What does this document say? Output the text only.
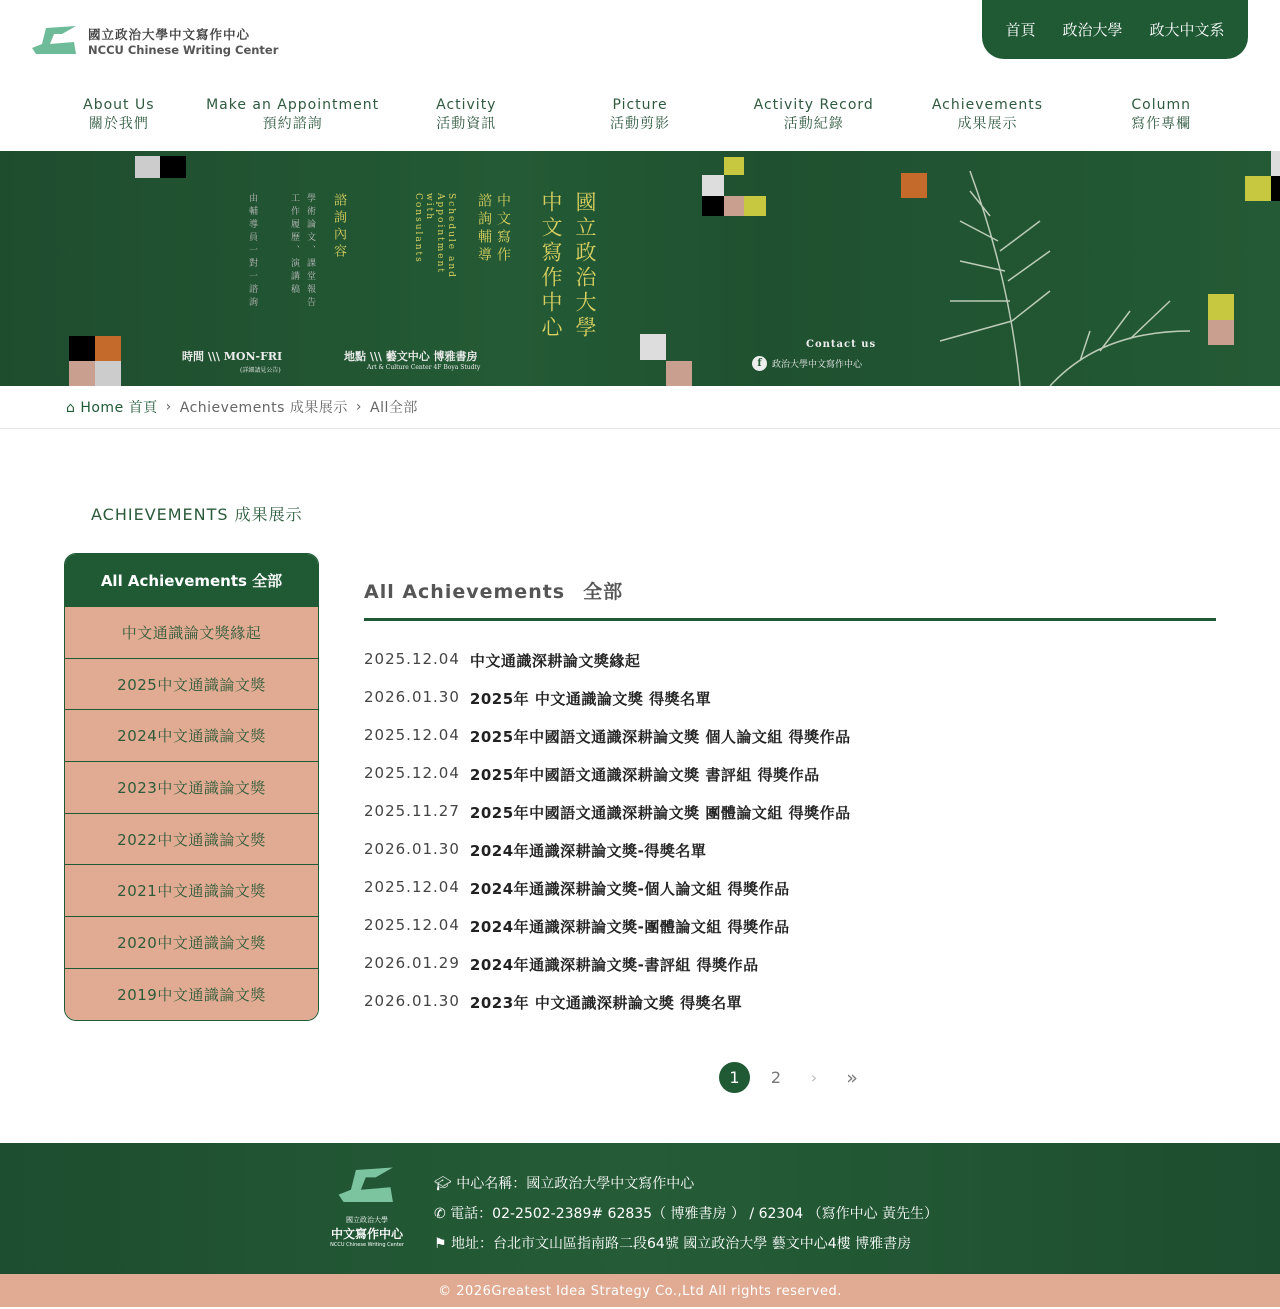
國立政治大學中文寫作中心
NCCU Chinese Writing Center
首頁 政治大學 政大中文系
About Us
關於我們
Make an Appointment
預約諮詢
Activity
活動資訊
Picture
活動剪影
Activity Record
活動紀錄
Achievements
成果展示
Column
寫作專欄
國立政治大學
中文寫作中心
中文寫作
諮詢輔導
Schedule and Appointment with Consulants
諮詢內容
學術論文、課堂報告
工作履歷、演講稿
由輔導員一對一諮詢
時間 \\\ MON-FRI
(詳細請見公告)
地點 \\\ 藝文中心 博雅書房
Art & Culture Center 4F Boya Studty
Contact us
f	政治大學中文寫作中心
⌂ Home 首頁 › Achievements 成果展示 › All全部
ACHIEVEMENTS 成果展示
All Achievements 全部
中文通識論文獎緣起
2025中文通識論文獎
2024中文通識論文獎
2023中文通識論文獎
2022中文通識論文獎
2021中文通識論文獎
2020中文通識論文獎
2019中文通識論文獎
All Achievements 全部
2025.12.04 中文通識深耕論文獎緣起
2026.01.30 2025年 中文通識論文獎 得獎名單
2025.12.04 2025年中國語文通識深耕論文獎 個人論文組 得獎作品
2025.12.04 2025年中國語文通識深耕論文獎 書評組 得獎作品
2025.11.27 2025年中國語文通識深耕論文獎 團體論文組 得獎作品
2026.01.30 2024年通識深耕論文獎-得獎名單
2025.12.04 2024年通識深耕論文獎-個人論文組 得獎作品
2025.12.04 2024年通識深耕論文獎-團體論文組 得獎作品
2026.01.29 2024年通識深耕論文獎-書評組 得獎作品
2026.01.30 2023年 中文通識深耕論文獎 得獎名單
1	2	›	»
國立政治大學
中文寫作中心
NCCU Chinese Writing Center
🎓︎ 中心名稱：國立政治大學中文寫作中心
✆ 電話：02-2502-2389# 62835（ 博雅書房 ） / 62304 （寫作中心 黃先生）
⚑ 地址：台北市文山區指南路二段64號 國立政治大學 藝文中心4樓 博雅書房
© 2026Greatest Idea Strategy Co.,Ltd All rights reserved.
